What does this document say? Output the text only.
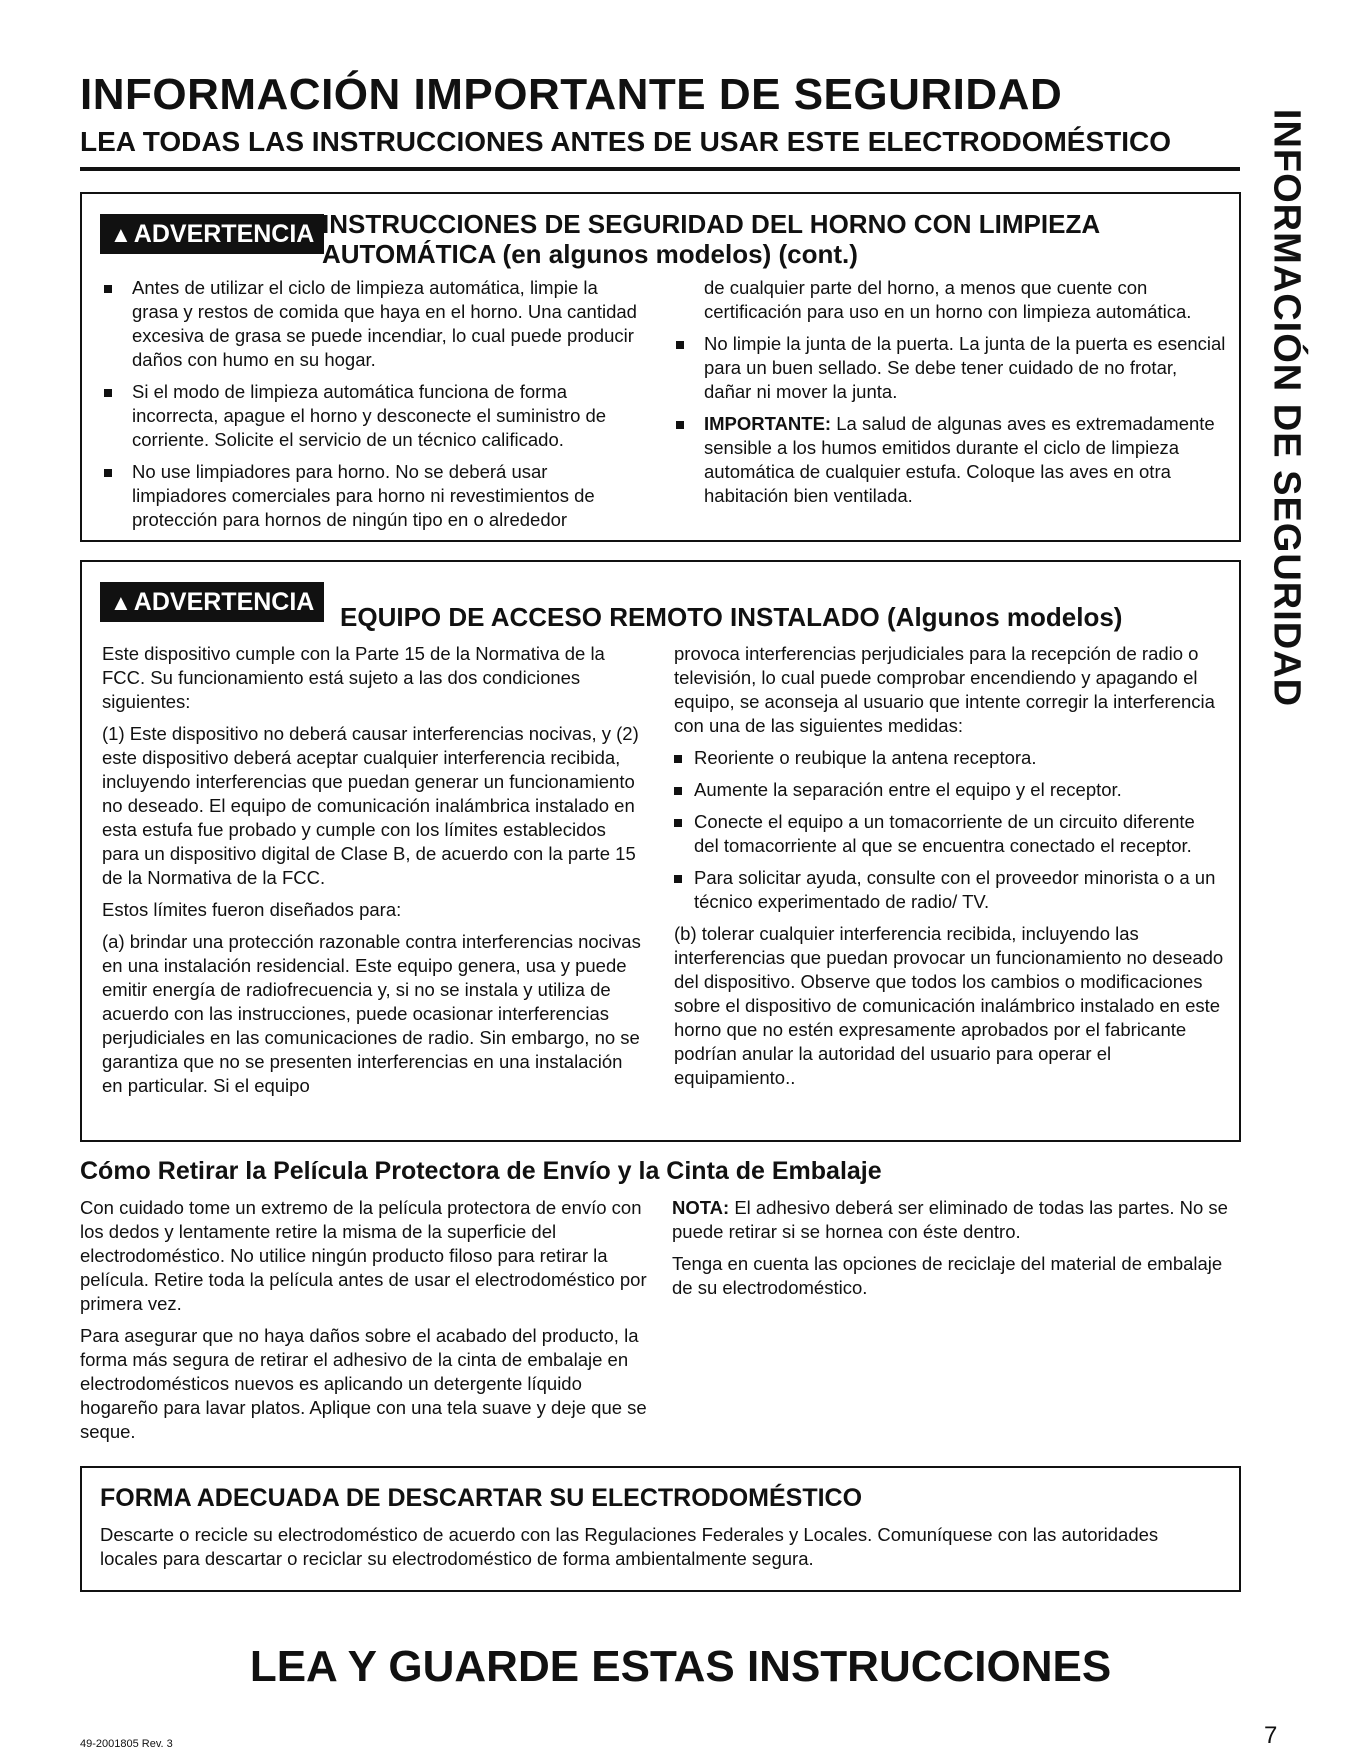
INFORMACIÓN IMPORTANTE DE SEGURIDAD
LEA TODAS LAS INSTRUCCIONES ANTES DE USAR ESTE ELECTRODOMÉSTICO INFORMACIÓN DE SEGURIDAD
▲ADVERTENCIA INSTRUCCIONES DE SEGURIDAD DEL HORNO CON LIMPIEZA
AUTOMÁTICA (en algunos modelos) (cont.)
Antes de utilizar el ciclo de limpieza automática, limpie la grasa y restos de comida que haya en el horno. Una cantidad excesiva de grasa se puede incendiar, lo cual puede producir daños con humo en su hogar.
Si el modo de limpieza automática funciona de forma incorrecta, apague el horno y desconecte el suministro de corriente. Solicite el servicio de un técnico calificado.
No use limpiadores para horno. No se deberá usar limpiadores comerciales para horno ni revestimientos de protección para hornos de ningún tipo en o alrededor
de cualquier parte del horno, a menos que cuente con certificación para uso en un horno con limpieza automática.
No limpie la junta de la puerta. La junta de la puerta es esencial para un buen sellado. Se debe tener cuidado de no frotar, dañar ni mover la junta.
IMPORTANTE: La salud de algunas aves es extremadamente sensible a los humos emitidos durante el ciclo de limpieza automática de cualquier estufa. Coloque las aves en otra habitación bien ventilada.
▲ADVERTENCIA EQUIPO DE ACCESO REMOTO INSTALADO (Algunos modelos)

Este dispositivo cumple con la Parte 15 de la Normativa de la FCC. Su funcionamiento está sujeto a las dos condiciones siguientes:

(1) Este dispositivo no deberá causar interferencias nocivas, y (2) este dispositivo deberá aceptar cualquier interferencia recibida, incluyendo interferencias que puedan generar un funcionamiento no deseado. El equipo de comunicación inalámbrica instalado en esta estufa fue probado y cumple con los límites establecidos para un dispositivo digital de Clase B, de acuerdo con la parte 15 de la Normativa de la FCC.

Estos límites fueron diseñados para:

(a) brindar una protección razonable contra interferencias nocivas en una instalación residencial. Este equipo genera, usa y puede emitir energía de radiofrecuencia y, si no se instala y utiliza de acuerdo con las instrucciones, puede ocasionar interferencias perjudiciales en las comunicaciones de radio. Sin embargo, no se garantiza que no se presenten interferencias en una instalación en particular. Si el equipo

provoca interferencias perjudiciales para la recepción de radio o televisión, lo cual puede comprobar encendiendo y apagando el equipo, se aconseja al usuario que intente corregir la interferencia con una de las siguientes medidas:

Reoriente o reubique la antena receptora.
Aumente la separación entre el equipo y el receptor.
Conecte el equipo a un tomacorriente de un circuito diferente del tomacorriente al que se encuentra conectado el receptor.
Para solicitar ayuda, consulte con el proveedor minorista o a un técnico experimentado de radio/ TV.

(b) tolerar cualquier interferencia recibida, incluyendo las interferencias que puedan provocar un funcionamiento no deseado del dispositivo. Observe que todos los cambios o modificaciones sobre el dispositivo de comunicación inalámbrico instalado en este horno que no estén expresamente aprobados por el fabricante podrían anular la autoridad del usuario para operar el equipamiento..

Cómo Retirar la Película Protectora de Envío y la Cinta de Embalaje

Con cuidado tome un extremo de la película protectora de envío con los dedos y lentamente retire la misma de la superficie del electrodoméstico. No utilice ningún producto filoso para retirar la película. Retire toda la película antes de usar el electrodoméstico por primera vez.

Para asegurar que no haya daños sobre el acabado del producto, la forma más segura de retirar el adhesivo de la cinta de embalaje en electrodomésticos nuevos es aplicando un detergente líquido hogareño para lavar platos. Aplique con una tela suave y deje que se seque.

NOTA: El adhesivo deberá ser eliminado de todas las partes. No se puede retirar si se hornea con éste dentro.

Tenga en cuenta las opciones de reciclaje del material de embalaje de su electrodoméstico.

FORMA ADECUADA DE DESCARTAR SU ELECTRODOMÉSTICO
Descarte o recicle su electrodoméstico de acuerdo con las Regulaciones Federales y Locales. Comuníquese con las autoridades locales para descartar o reciclar su electrodoméstico de forma ambientalmente segura.
LEA Y GUARDE ESTAS INSTRUCCIONES
49-2001805 Rev. 3	7
